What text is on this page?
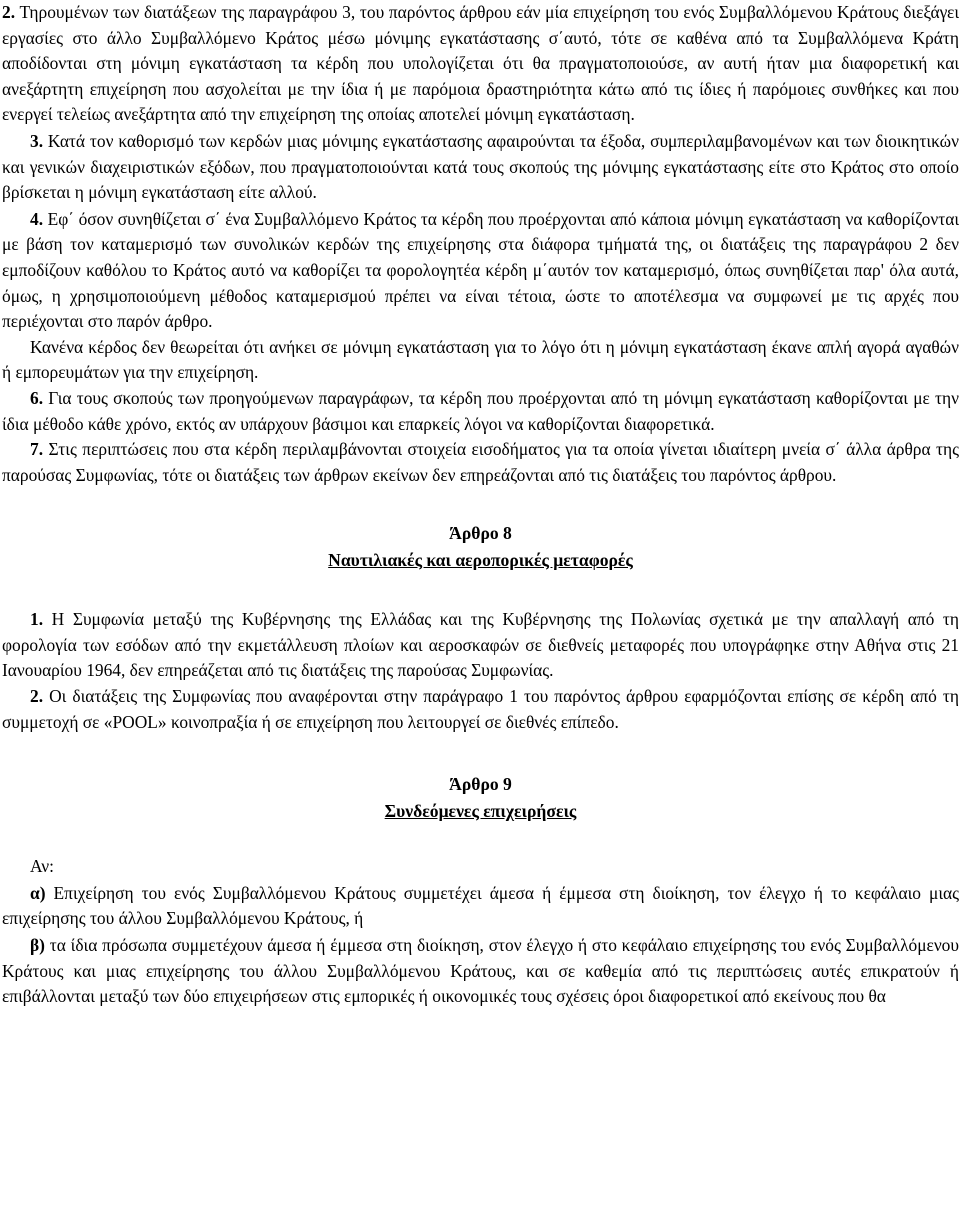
2. Τηρουμένων των διατάξεων της παραγράφου 3, του παρόντος άρθρου εάν μία επιχείρηση του ενός Συμβαλλόμενου Κράτους διεξάγει εργασίες στο άλλο Συμβαλλόμενο Κράτος μέσω μόνιμης εγκατάστασης σ΄αυτό, τότε σε καθένα από τα Συμβαλλόμενα Κράτη αποδίδονται στη μόνιμη εγκατάσταση τα κέρδη που υπολογίζεται ότι θα πραγματοποιούσε, αν αυτή ήταν μια διαφορετική και ανεξάρτητη επιχείρηση που ασχολείται με την ίδια ή με παρόμοια δραστηριότητα κάτω από τις ίδιες ή παρόμοιες συνθήκες και που ενεργεί τελείως ανεξάρτητα από την επιχείρηση της οποίας αποτελεί μόνιμη εγκατάσταση.

3. Κατά τον καθορισμό των κερδών μιας μόνιμης εγκατάστασης αφαιρούνται τα έξοδα, συμπεριλαμβανομένων και των διοικητικών και γενικών διαχειριστικών εξόδων, που πραγματοποιούνται κατά τους σκοπούς της μόνιμης εγκατάστασης είτε στο Κράτος στο οποίο βρίσκεται η μόνιμη εγκατάσταση είτε αλλού.

4. Εφ΄ όσον συνηθίζεται σ΄ ένα Συμβαλλόμενο Κράτος τα κέρδη που προέρχονται από κάποια μόνιμη εγκατάσταση να καθορίζονται με βάση τον καταμερισμό των συνολικών κερδών της επιχείρησης στα διάφορα τμήματά της, οι διατάξεις της παραγράφου 2 δεν εμποδίζουν καθόλου το Κράτος αυτό να καθορίζει τα φορολογητέα κέρδη μ΄αυτόν τον καταμερισμό, όπως συνηθίζεται παρ' όλα αυτά, όμως, η χρησιμοποιούμενη μέθοδος καταμερισμού πρέπει να είναι τέτοια, ώστε το αποτέλεσμα να συμφωνεί με τις αρχές που περιέχονται στο παρόν άρθρο.

Κανένα κέρδος δεν θεωρείται ότι ανήκει σε μόνιμη εγκατάσταση για το λόγο ότι η μόνιμη εγκατάσταση έκανε απλή αγορά αγαθών ή εμπορευμάτων για την επιχείρηση.

6. Για τους σκοπούς των προηγούμενων παραγράφων, τα κέρδη που προέρχονται από τη μόνιμη εγκατάσταση καθορίζονται με την ίδια μέθοδο κάθε χρόνο, εκτός αν υπάρχουν βάσιμοι και επαρκείς λόγοι να καθορίζονται διαφορετικά.

7. Στις περιπτώσεις που στα κέρδη περιλαμβάνονται στοιχεία εισοδήματος για τα οποία γίνεται ιδιαίτερη μνεία σ΄ άλλα άρθρα της παρούσας Συμφωνίας, τότε οι διατάξεις των άρθρων εκείνων δεν επηρεάζονται από τις διατάξεις του παρόντος άρθρου.

Άρθρο 8
Ναυτιλιακές και αεροπορικές μεταφορές

1. Η Συμφωνία μεταξύ της Κυβέρνησης της Ελλάδας και της Κυβέρνησης της Πολωνίας σχετικά με την απαλλαγή από τη φορολογία των εσόδων από την εκμετάλλευση πλοίων και αεροσκαφών σε διεθνείς μεταφορές που υπογράφηκε στην Αθήνα στις 21 Ιανουαρίου 1964, δεν επηρεάζεται από τις διατάξεις της παρούσας Συμφωνίας.

2. Οι διατάξεις της Συμφωνίας που αναφέρονται στην παράγραφο 1 του παρόντος άρθρου εφαρμόζονται επίσης σε κέρδη από τη συμμετοχή σε «POOL» κοινοπραξία ή σε επιχείρηση που λειτουργεί σε διεθνές επίπεδο.

Άρθρο 9
Συνδεόμενες επιχειρήσεις

Αν:

α) Επιχείρηση του ενός Συμβαλλόμενου Κράτους συμμετέχει άμεσα ή έμμεσα στη διοίκηση, τον έλεγχο ή το κεφάλαιο μιας επιχείρησης του άλλου Συμβαλλόμενου Κράτους, ή

β) τα ίδια πρόσωπα συμμετέχουν άμεσα ή έμμεσα στη διοίκηση, στον έλεγχο ή στο κεφάλαιο επιχείρησης του ενός Συμβαλλόμενου Κράτους και μιας επιχείρησης του άλλου Συμβαλλόμενου Κράτους, και σε καθεμία από τις περιπτώσεις αυτές επικρατούν ή επιβάλλονται μεταξύ των δύο επιχειρήσεων στις εμπορικές ή οικονομικές τους σχέσεις όροι διαφορετικοί από εκείνους που θα
